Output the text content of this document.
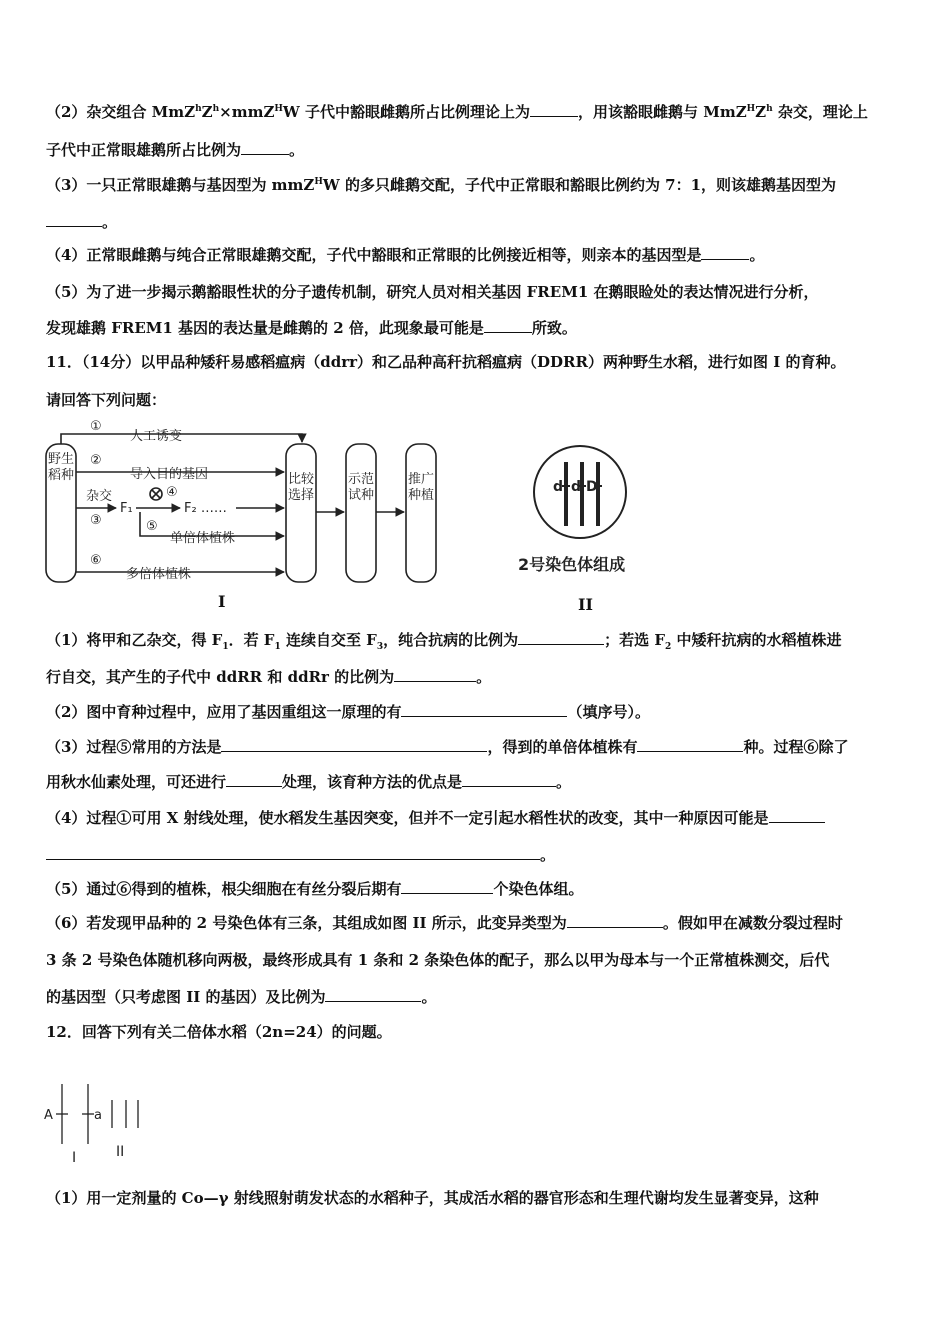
（2）杂交组合 $MmZ^hZ^h\times mmZ^HW$ 子代中豁眼雌鹅所占比例理论上为	，用该豁眼雌鹅与 $MmZ^HZ^h$ 杂交，理论上
子代中正常眼雄鹅所占比例为	。
（3）一只正常眼雄鹅与基因型为 mmZ$^H$W 的多只雌鹅交配，子代中正常眼和豁眼比例约为 7：1，则该雄鹅基因型为
。
（4）正常眼雌鹅与纯合正常眼雄鹅交配，子代中豁眼和正常眼的比例接近相等，则亲本的基因型是	。
（5）为了进一步揭示鹅豁眼性状的分子遗传机制，研究人员对相关基因 FREM1 在鹅眼睑处的表达情况进行分析，
发现雄鹅 FREM1 基因的表达量是雌鹅的 2 倍，此现象最可能是	所致。
11．（14分）以甲品种矮秆易感稻瘟病（ddrr）和乙品种高秆抗稻瘟病（DDRR）两种野生水稻，进行如图 I 的育种。
请回答下列问题：
①
人工诱变
②
导入目的基因
杂交
③
F₁
④
F₂ ……
⑤
单倍体植株
⑥
多倍体植株
野生稻种	比较选择
示范试种
推广种植
I
d d D
2号染色体组成
II
（1）将甲和乙杂交，得 $F_1$．若 $F_1$ 连续自交至 $F_3$，纯合抗病的比例为	；若选 $F_2$ 中矮秆抗病的水稻植株进
行自交，其产生的子代中 ddRR 和 ddRr 的比例为	。
（2）图中育种过程中，应用了基因重组这一原理的有	（填序号）。
（3）过程⑤常用的方法是	，得到的单倍体植株有	种。过程⑥除了
用秋水仙素处理，可还进行	处理，该育种方法的优点是	。
（4）过程①可用 X 射线处理，使水稻发生基因突变，但并不一定引起水稻性状的改变，其中一种原因可能是
。
（5）通过⑥得到的植株，根尖细胞在有丝分裂后期有	个染色体组。
（6）若发现甲品种的 2 号染色体有三条，其组成如图 II 所示，此变异类型为	。假如甲在减数分裂过程时
3 条 2 号染色体随机移向两极，最终形成具有 1 条和 2 条染色体的配子，那么以甲为母本与一个正常植株测交，后代
的基因型（只考虑图 II 的基因）及比例为	。
12．回答下列有关二倍体水稻（2n=24）的问题。
A	a
I	II
（1）用一定剂量的 Co—γ 射线照射萌发状态的水稻种子，其成活水稻的器官形态和生理代谢均发生显著变异，这种
